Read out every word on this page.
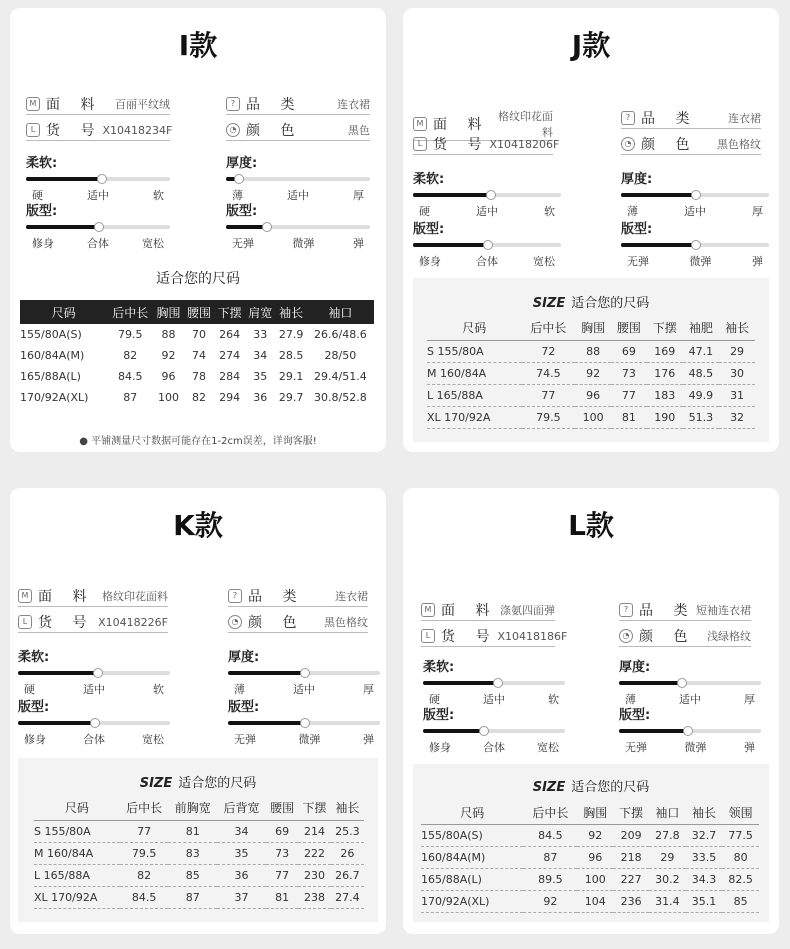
I款
M 面 料	百丽平纹绒
L 货 号 X10418234F
? 品 类	连衣裙
◔ 颜 色	黑色
柔软:
硬	适中	软
厚度:
薄	适中	厚
版型:
修身	合体	宽松
版型:
无弹	微弹	弹
适合您的尺码
尺码	后中长	胸围	腰围	下摆	肩宽	袖长	袖口
155/80A(S)	79.5	88	70	264	33	27.9	26.6/48.6
160/84A(M)	82	92	74	274	34	28.5	28/50
165/88A(L)	84.5	96	78	284	35	29.1	29.4/51.4
170/92A(XL)	87	100	82	294	36	29.7	30.8/52.8
● 平铺测量尺寸数据可能存在1-2cm误差，详询客服!
J款
M 面 料
格纹印花面料
L 货 号 X10418206F
? 品 类	连衣裙
◔ 颜 色	黑色格纹
柔软:
硬	适中	软
厚度:
薄	适中	厚
版型:
修身	合体	宽松
版型:
无弹	微弹	弹
SIZE 适合您的尺码
尺码	后中长	胸围	腰围	下摆	袖肥	袖长
S 155/80A	72	88	69	169	47.1	29
M 160/84A	74.5	92	73	176	48.5	30
L 165/88A	77	96	77	183	49.9	31
XL 170/92A	79.5	100	81	190	51.3	32
K款
M 面 料 格纹印花面料
L 货 号 X10418226F
? 品 类	连衣裙
◔ 颜 色	黑色格纹
柔软:
硬	适中	软
厚度:
薄	适中	厚
版型:
修身	合体	宽松
版型:
无弹	微弹	弹
SIZE 适合您的尺码
尺码	后中长	前胸宽	后背宽	腰围	下摆	袖长
S 155/80A	77	81	34	69	214	25.3
M 160/84A	79.5	83	35	73	222	26
L 165/88A	82	85	36	77	230	26.7
XL 170/92A	84.5	87	37	81	238	27.4
L款
M 面 料 涤氨四面弹
L 货 号 X10418186F
? 品 类 短袖连衣裙
◔ 颜 色	浅绿格纹
柔软:
硬	适中	软
厚度:
薄	适中	厚
版型:
修身	合体	宽松
版型:
无弹	微弹	弹
SIZE 适合您的尺码
尺码	后中长	胸围	下摆	袖口	袖长	领围
155/80A(S)	84.5	92	209	27.8	32.7	77.5
160/84A(M)	87	96	218	29	33.5	80
165/88A(L)	89.5	100	227	30.2	34.3	82.5
170/92A(XL)	92	104	236	31.4	35.1	85
